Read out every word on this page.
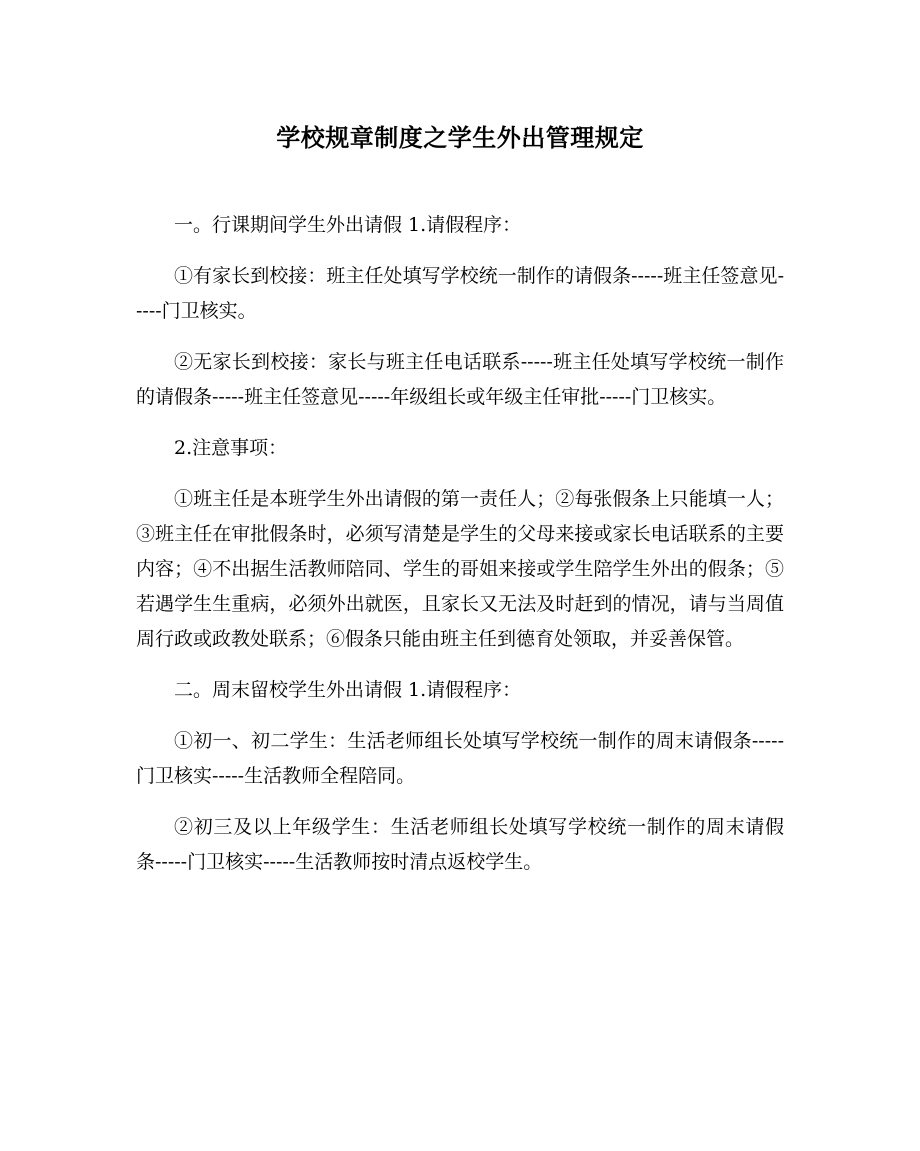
学校规章制度之学生外出管理规定

一。行课期间学生外出请假 1.请假程序：

①有家长到校接：班主任处填写学校统一制作的请假条-----班主任签意见-----门卫核实。

②无家长到校接：家长与班主任电话联系-----班主任处填写学校统一制作的请假条-----班主任签意见-----年级组长或年级主任审批-----门卫核实。

2.注意事项：

①班主任是本班学生外出请假的第一责任人；②每张假条上只能填一人；③班主任在审批假条时，必须写清楚是学生的父母来接或家长电话联系的主要内容；④不出据生活教师陪同、学生的哥姐来接或学生陪学生外出的假条；⑤若遇学生生重病，必须外出就医，且家长又无法及时赶到的情况，请与当周值周行政或政教处联系；⑥假条只能由班主任到德育处领取，并妥善保管。

二。周末留校学生外出请假 1.请假程序：

①初一、初二学生：生活老师组长处填写学校统一制作的周末请假条-----门卫核实-----生活教师全程陪同。

②初三及以上年级学生：生活老师组长处填写学校统一制作的周末请假条-----门卫核实-----生活教师按时清点返校学生。
